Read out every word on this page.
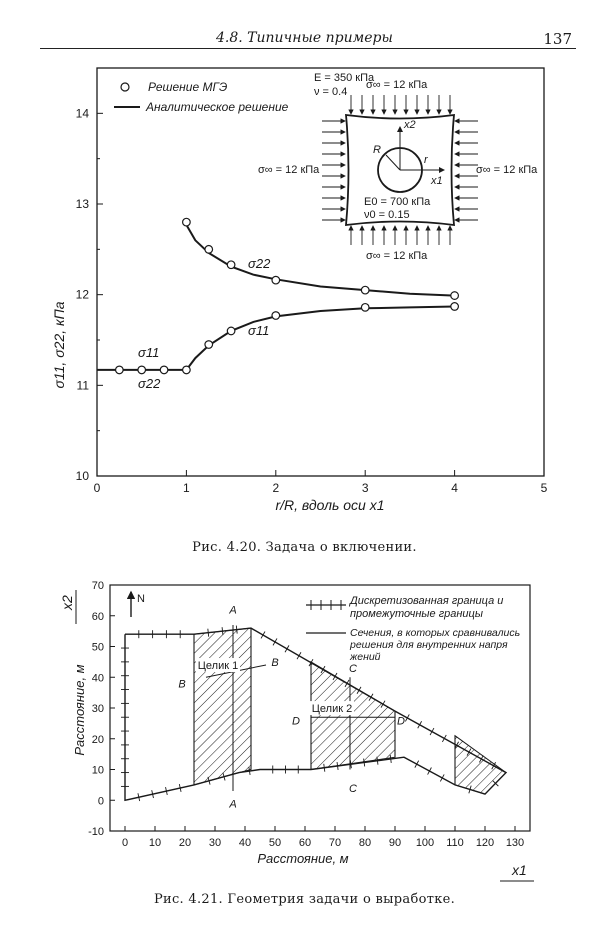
4.8. Типичные примеры	137
0	1	2	3	4	5
10
11
12
13
14
r/R, вдоль оси x1
σ11, σ22, кПа
Решение МГЭ
Аналитическое решение
σ22
σ11
σ11
σ22
E = 350 кПа
ν = 0.4
σ∞ = 12 кПа
σ∞ = 12 кПа
σ∞ = 12 кПа	σ∞ = 12 кПа
R
r
x1
x2
E0 = 700 кПа
ν0 = 0.15
Рис. 4.20. Задача о включении.
0 10 20 30 40 50 60 70 80 90 100 110 120 130
-10
0
10
20
30
40
50
60
70
A
A
B
B
C
C
D	D
Целик 1
Целик 2
Расстояние, м
Расстояние, м
x1
x2	N	Дискретизованная граница и промежуточные границы
Сечения, в которых сравнивались решения для внутренних напря жений
Рис. 4.21. Геометрия задачи о выработке.
